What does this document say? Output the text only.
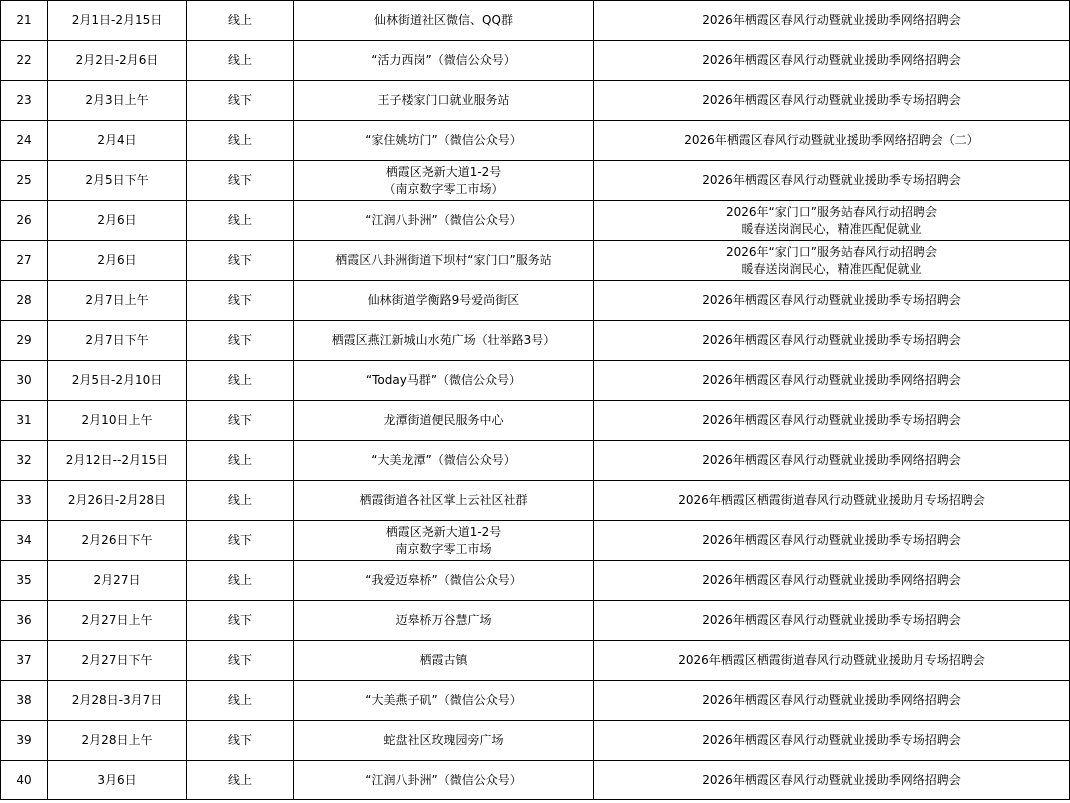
21	2月1日-2月15日	线上	仙林街道社区微信、QQ群	2026年栖霞区春风行动暨就业援助季网络招聘会

22	2月2日-2月6日	线上	“活力西岗”（微信公众号）	2026年栖霞区春风行动暨就业援助季网络招聘会

23	2月3日上午	线下	王子楼家门口就业服务站	2026年栖霞区春风行动暨就业援助季专场招聘会

24	2月4日	线上	“家住姚坊门”（微信公众号）	2026年栖霞区春风行动暨就业援助季网络招聘会（二）

25	2月5日下午	线下	栖霞区尧新大道1-2号
（南京数字零工市场）	2026年栖霞区春风行动暨就业援助季专场招聘会

26	2月6日	线上	“江润八卦洲”（微信公众号）	2026年“家门口”服务站春风行动招聘会
暖春送岗润民心，精准匹配促就业

27	2月6日	线下	栖霞区八卦洲街道下坝村“家门口”服务站	2026年“家门口”服务站春风行动招聘会
暖春送岗润民心，精准匹配促就业

28	2月7日上午	线下	仙林街道学衡路9号爱尚街区	2026年栖霞区春风行动暨就业援助季专场招聘会

29	2月7日下午	线下	栖霞区燕江新城山水苑广场（壮举路3号）	2026年栖霞区春风行动暨就业援助季专场招聘会

30	2月5日-2月10日	线上	“Today马群”（微信公众号）	2026年栖霞区春风行动暨就业援助季网络招聘会

31	2月10日上午	线下	龙潭街道便民服务中心	2026年栖霞区春风行动暨就业援助季专场招聘会

32	2月12日--2月15日	线上	“大美龙潭”（微信公众号）	2026年栖霞区春风行动暨就业援助季网络招聘会

33	2月26日-2月28日	线上	栖霞街道各社区掌上云社区社群	2026年栖霞区栖霞街道春风行动暨就业援助月专场招聘会

34	2月26日下午	线下	栖霞区尧新大道1-2号
南京数字零工市场	2026年栖霞区春风行动暨就业援助季专场招聘会

35	2月27日	线上	“我爱迈皋桥”（微信公众号）	2026年栖霞区春风行动暨就业援助季网络招聘会

36	2月27日上午	线下	迈皋桥万谷慧广场	2026年栖霞区春风行动暨就业援助季专场招聘会

37	2月27日下午	线下	栖霞古镇	2026年栖霞区栖霞街道春风行动暨就业援助月专场招聘会

38	2月28日-3月7日	线上	“大美燕子矶”（微信公众号）	2026年栖霞区春风行动暨就业援助季网络招聘会

39	2月28日上午	线下	蛇盘社区玫瑰园旁广场	2026年栖霞区春风行动暨就业援助季专场招聘会

40	3月6日	线上	“江润八卦洲”（微信公众号）	2026年栖霞区春风行动暨就业援助季网络招聘会
